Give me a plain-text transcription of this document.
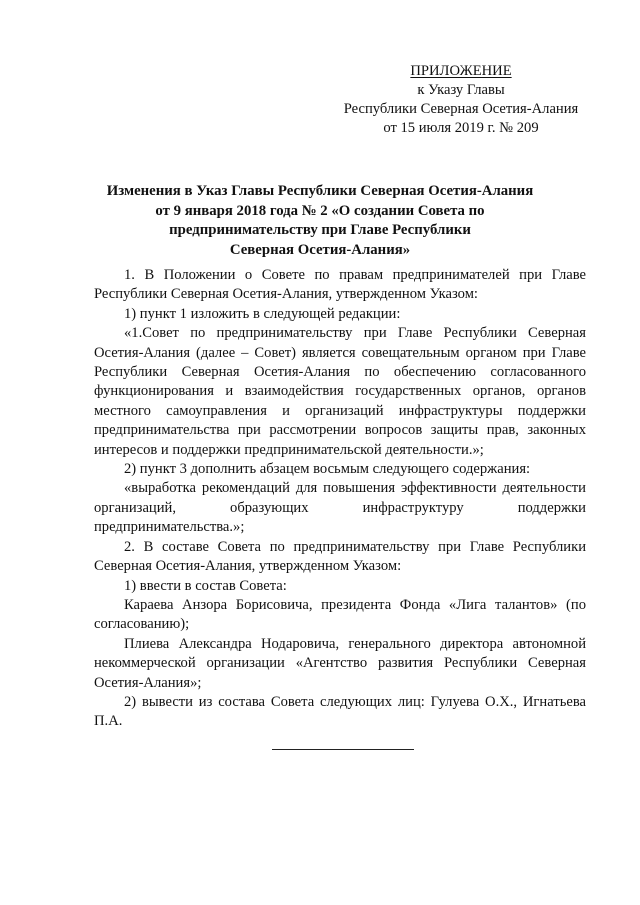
ПРИЛОЖЕНИЕ
к Указу Главы
Республики Северная Осетия-Алания
от 15 июля 2019 г. № 209
Изменения в Указ Главы Республики Северная Осетия-Алания
от 9 января 2018 года № 2 «О создании Совета по
предпринимательству при Главе Республики
Северная Осетия-Алания»

1. В Положении о Совете по правам предпринимателей при Главе Республики Северная Осетия-Алания, утвержденном Указом:

1) пункт 1 изложить в следующей редакции:

«1.Совет по предпринимательству при Главе Республики Северная Осетия-Алания (далее – Совет) является совещательным органом при Главе Республики Северная Осетия-Алания по обеспечению согласованного функционирования и взаимодействия государственных органов, органов местного самоуправления и организаций инфраструктуры поддержки предпринимательства при рассмотрении вопросов защиты прав, законных интересов и поддержки предпринимательской деятельности.»;

2) пункт 3 дополнить абзацем восьмым следующего содержания:

«выработка рекомендаций для повышения эффективности деятельности организаций, образующих инфраструктуру поддержки предпринимательства.»;

2. В составе Совета по предпринимательству при Главе Республики Северная Осетия-Алания, утвержденном Указом:

1) ввести в состав Совета:

Караева Анзора Борисовича, президента Фонда «Лига талантов» (по согласованию);

Плиева Александра Нодаровича, генерального директора автономной некоммерческой организации «Агентство развития Республики Северная Осетия-Алания»;

2) вывести из состава Совета следующих лиц: Гулуева О.Х., Игнатьева П.А.
